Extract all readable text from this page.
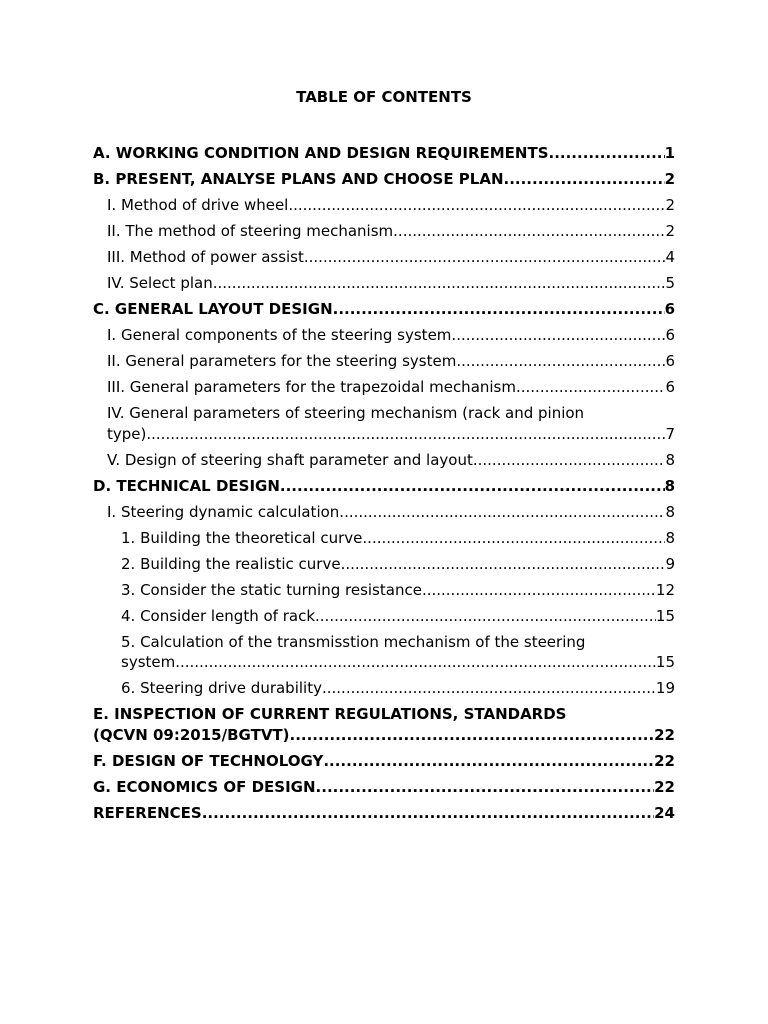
TABLE OF CONTENTS
A. WORKING CONDITION AND DESIGN REQUIREMENTS .....	1
B. PRESENT, ANALYSE PLANS AND CHOOSE PLAN .....	2
I. Method of drive wheel .....	2
II. The method of steering mechanism .....	2
III. Method of power assist .....	4
IV. Select plan .....	5
C. GENERAL LAYOUT DESIGN .....	6
I. General components of the steering system .....	6
II. General parameters for the steering system .....	6
III. General parameters for the trapezoidal mechanism .....	6
IV. General parameters of steering mechanism (rack and pinion
type) .....	7
V. Design of steering shaft parameter and layout .....	8
D. TECHNICAL DESIGN .....	8
I. Steering dynamic calculation .....	8
1. Building the theoretical curve .....	8
2. Building the realistic curve .....	9
3. Consider the static turning resistance .....	12
4. Consider length of rack .....	15
5. Calculation of the transmisstion mechanism of the steering
system .....	15
6. Steering drive durability .....	19
E. INSPECTION OF CURRENT REGULATIONS, STANDARDS
(QCVN 09:2015/BGTVT) .....	22
F. DESIGN OF TECHNOLOGY .....	22
G. ECONOMICS OF DESIGN .....	22
REFERENCES .....	24
